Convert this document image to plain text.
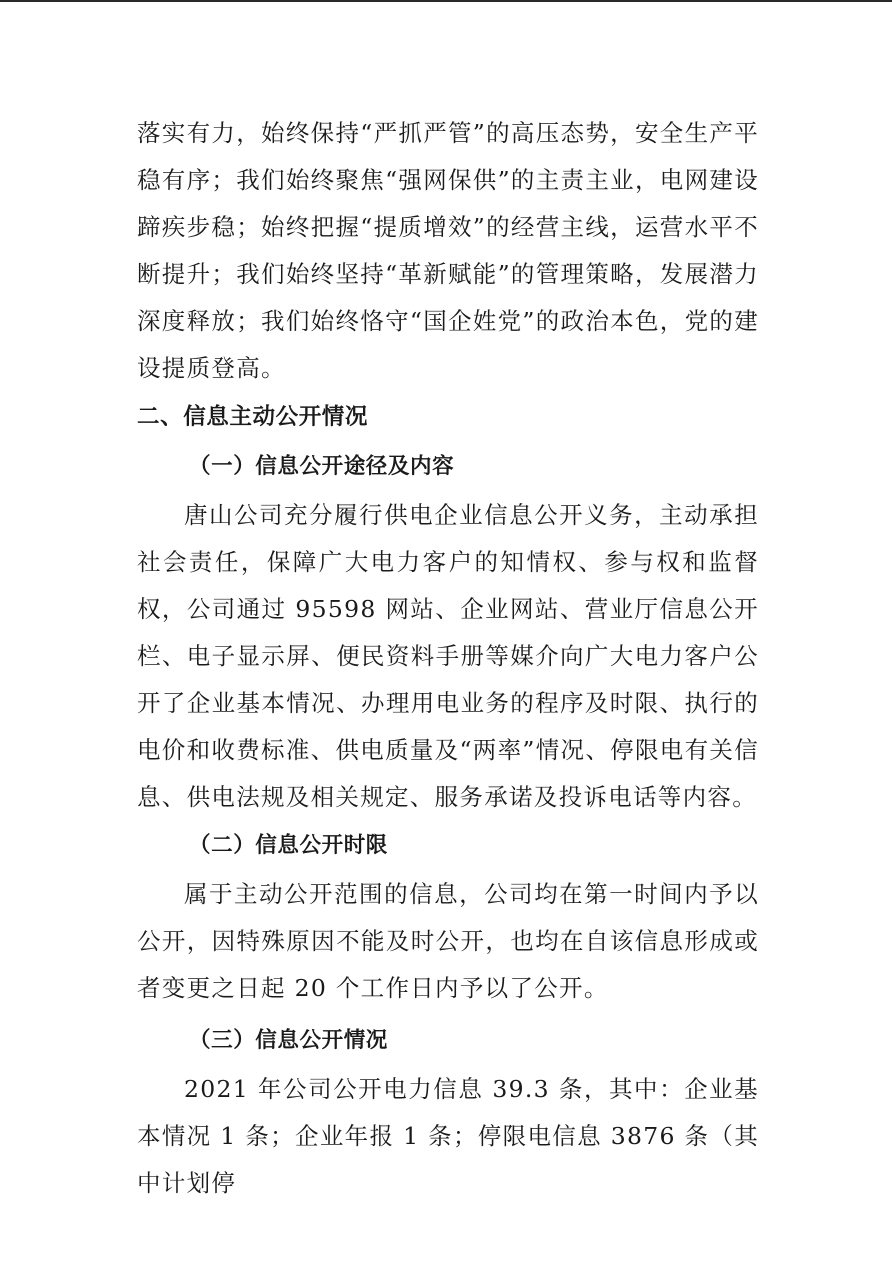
落实有力，始终保持“严抓严管”的高压态势，安全生产平稳有序；我们始终聚焦“强网保供”的主责主业，电网建设蹄疾步稳；始终把握“提质增效”的经营主线，运营水平不断提升；我们始终坚持“革新赋能”的管理策略，发展潜力深度释放；我们始终恪守“国企姓党”的政治本色，党的建设提质登高。

二、信息主动公开情况
（一）信息公开途径及内容

唐山公司充分履行供电企业信息公开义务，主动承担社会责任，保障广大电力客户的知情权、参与权和监督权，公司通过 95598 网站、企业网站、营业厅信息公开栏、电子显示屏、便民资料手册等媒介向广大电力客户公开了企业基本情况、办理用电业务的程序及时限、执行的电价和收费标准、供电质量及“两率”情况、停限电有关信息、供电法规及相关规定、服务承诺及投诉电话等内容。

（二）信息公开时限

属于主动公开范围的信息，公司均在第一时间内予以公开，因特殊原因不能及时公开，也均在自该信息形成或者变更之日起 20 个工作日内予以了公开。

（三）信息公开情况

2021 年公司公开电力信息 39.3 条，其中：企业基本情况 1 条；企业年报 1 条；停限电信息 3876 条（其中计划停
